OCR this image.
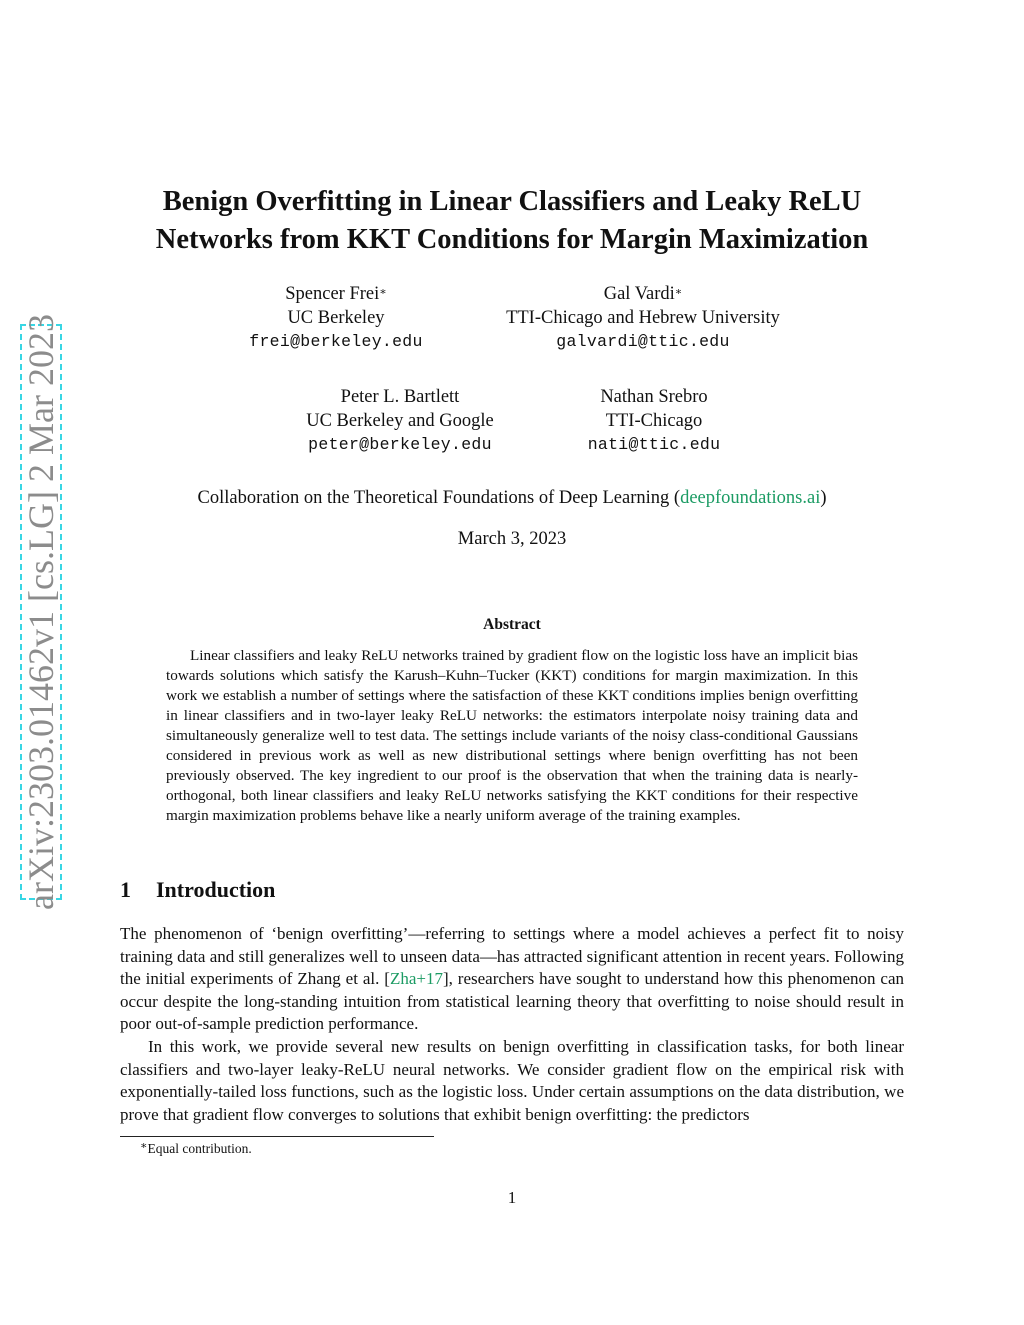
arXiv:2303.01462v1 [cs.LG] 2 Mar 2023
Benign Overfitting in Linear Classifiers and Leaky ReLU
Networks from KKT Conditions for Margin Maximization
Spencer Frei∗
UC Berkeley
frei@berkeley.edu
Gal Vardi∗
TTI-Chicago and Hebrew University
galvardi@ttic.edu
Peter L. Bartlett
UC Berkeley and Google
peter@berkeley.edu
Nathan Srebro
TTI-Chicago
nati@ttic.edu
Collaboration on the Theoretical Foundations of Deep Learning (deepfoundations.ai)
March 3, 2023
Abstract
Linear classifiers and leaky ReLU networks trained by gradient flow on the logistic loss have an implicit bias towards solutions which satisfy the Karush–Kuhn–Tucker (KKT) conditions for margin maximization. In this work we establish a number of settings where the satisfaction of these KKT conditions implies benign overfitting in linear classifiers and in two-layer leaky ReLU networks: the estimators interpolate noisy training data and simultaneously generalize well to test data. The settings include variants of the noisy class-conditional Gaussians considered in previous work as well as new distributional settings where benign overfitting has not been previously observed. The key ingredient to our proof is the observation that when the training data is nearly-orthogonal, both linear classifiers and leaky ReLU networks satisfying the KKT conditions for their respective margin maximization problems behave like a nearly uniform average of the training examples.
1 Introduction

The phenomenon of ‘benign overfitting’—referring to settings where a model achieves a perfect fit to noisy training data and still generalizes well to unseen data—has attracted significant attention in recent years. Following the initial experiments of Zhang et al. [Zha+17], researchers have sought to understand how this phenomenon can occur despite the long-standing intuition from statistical learning theory that overfitting to noise should result in poor out-of-sample prediction performance.

In this work, we provide several new results on benign overfitting in classification tasks, for both linear classifiers and two-layer leaky-ReLU neural networks. We consider gradient flow on the empirical risk with exponentially-tailed loss functions, such as the logistic loss. Under certain assumptions on the data distribution, we prove that gradient flow converges to solutions that exhibit benign overfitting: the predictors

∗Equal contribution.
1
